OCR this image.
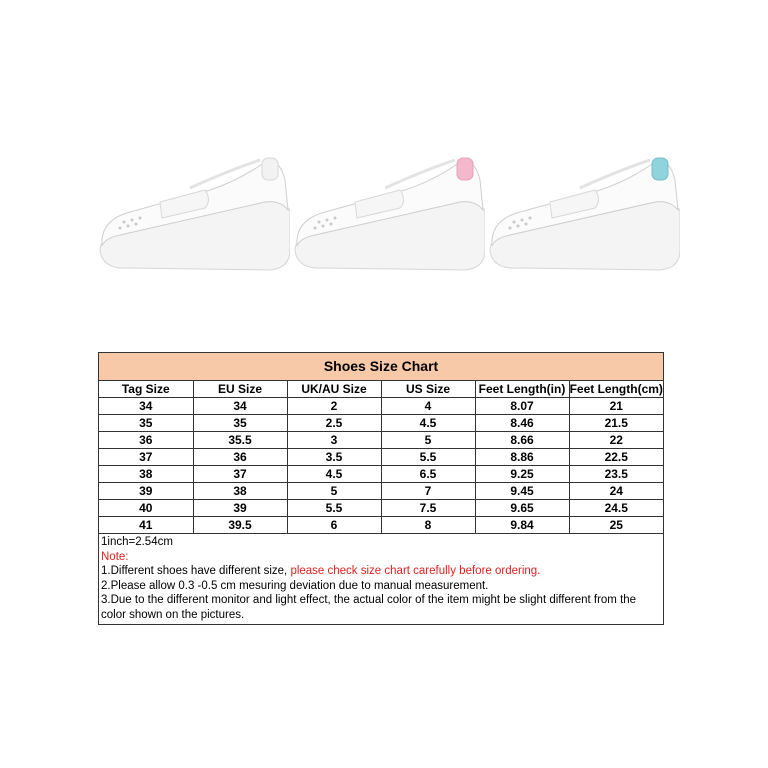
Shoes Size Chart
Tag Size	EU Size	UK/AU Size	US Size	Feet Length(in)	Feet Length(cm)
34	34	2	4	8.07	21
35	35	2.5	4.5	8.46	21.5
36	35.5	3	5	8.66	22
37	36	3.5	5.5	8.86	22.5
38	37	4.5	6.5	9.25	23.5
39	38	5	7	9.45	24
40	39	5.5	7.5	9.65	24.5
41	39.5	6	8	9.84	25
1inch=2.54cm
Note:
1.Different shoes have different size, please check size chart carefully before ordering.
2.Please allow 0.3 -0.5 cm mesuring deviation due to manual measurement.
3.Due to the different monitor and light effect, the actual color of the item might be slight different from the color shown on the pictures.
